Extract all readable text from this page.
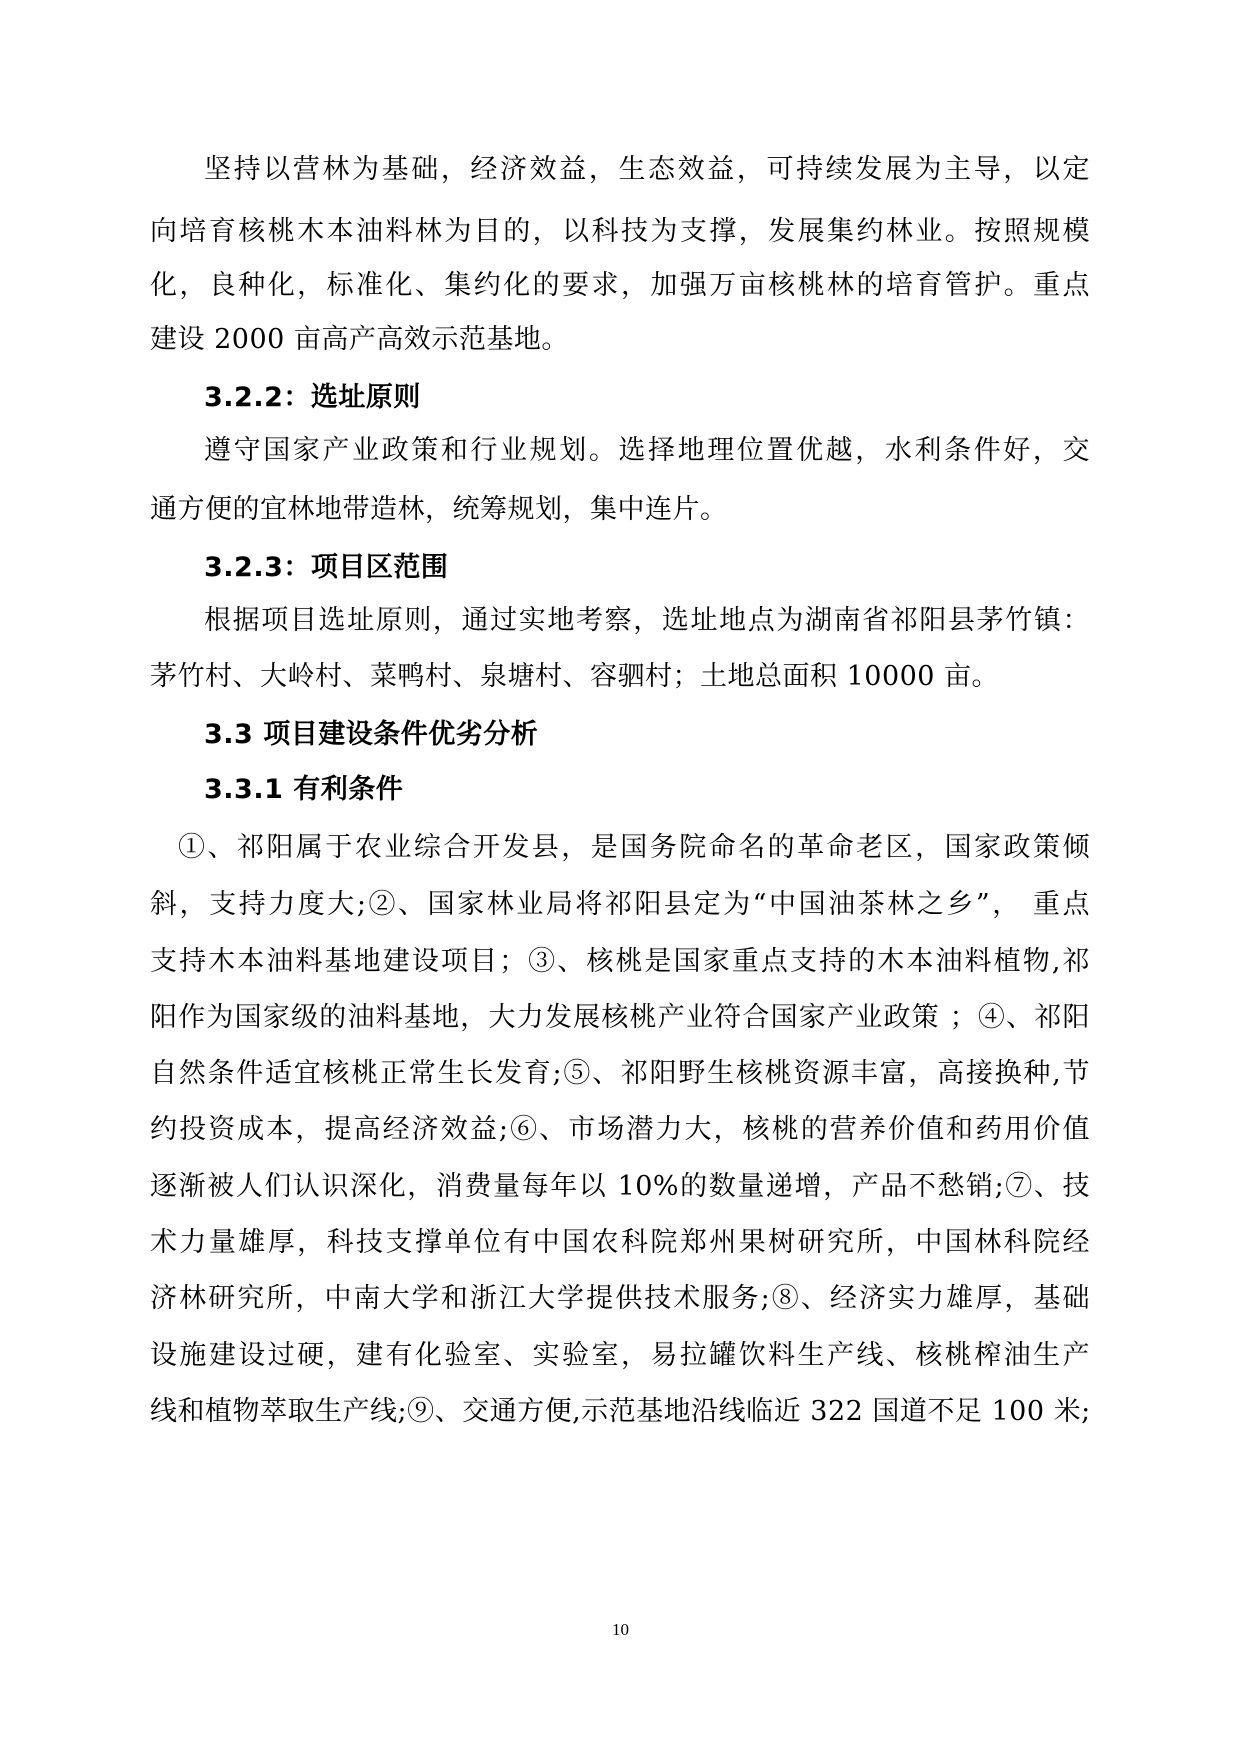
坚持以营林为基础，经济效益，生态效益，可持续发展为主导，以定
向培育核桃木本油料林为目的，以科技为支撑，发展集约林业。按照规模
化，良种化，标准化、集约化的要求，加强万亩核桃林的培育管护。重点
建设 2000 亩高产高效示范基地。
3.2.2：选址原则
遵守国家产业政策和行业规划。选择地理位置优越，水利条件好，交
通方便的宜林地带造林，统筹规划，集中连片。
3.2.3：项目区范围
根据项目选址原则，通过实地考察，选址地点为湖南省祁阳县茅竹镇：
茅竹村、大岭村、菜鸭村、泉塘村、容驷村；土地总面积 10000 亩。
3.3 项目建设条件优劣分析
3.3.1 有利条件
①、祁阳属于农业综合开发县，是国务院命名的革命老区，国家政策倾
斜，支持力度大;②、国家林业局将祁阳县定为“中国油茶林之乡”， 重点
支持木本油料基地建设项目；③、核桃是国家重点支持的木本油料植物,祁
阳作为国家级的油料基地，大力发展核桃产业符合国家产业政策 ；④、祁阳
自然条件适宜核桃正常生长发育;⑤、祁阳野生核桃资源丰富，高接换种,节
约投资成本，提高经济效益;⑥、市场潜力大，核桃的营养价值和药用价值
逐渐被人们认识深化，消费量每年以 10%的数量递增，产品不愁销;⑦、技
术力量雄厚，科技支撑单位有中国农科院郑州果树研究所，中国林科院经
济林研究所，中南大学和浙江大学提供技术服务;⑧、经济实力雄厚，基础
设施建设过硬，建有化验室、实验室，易拉罐饮料生产线、核桃榨油生产
线和植物萃取生产线;⑨、交通方便,示范基地沿线临近 322 国道不足 100 米;
10
